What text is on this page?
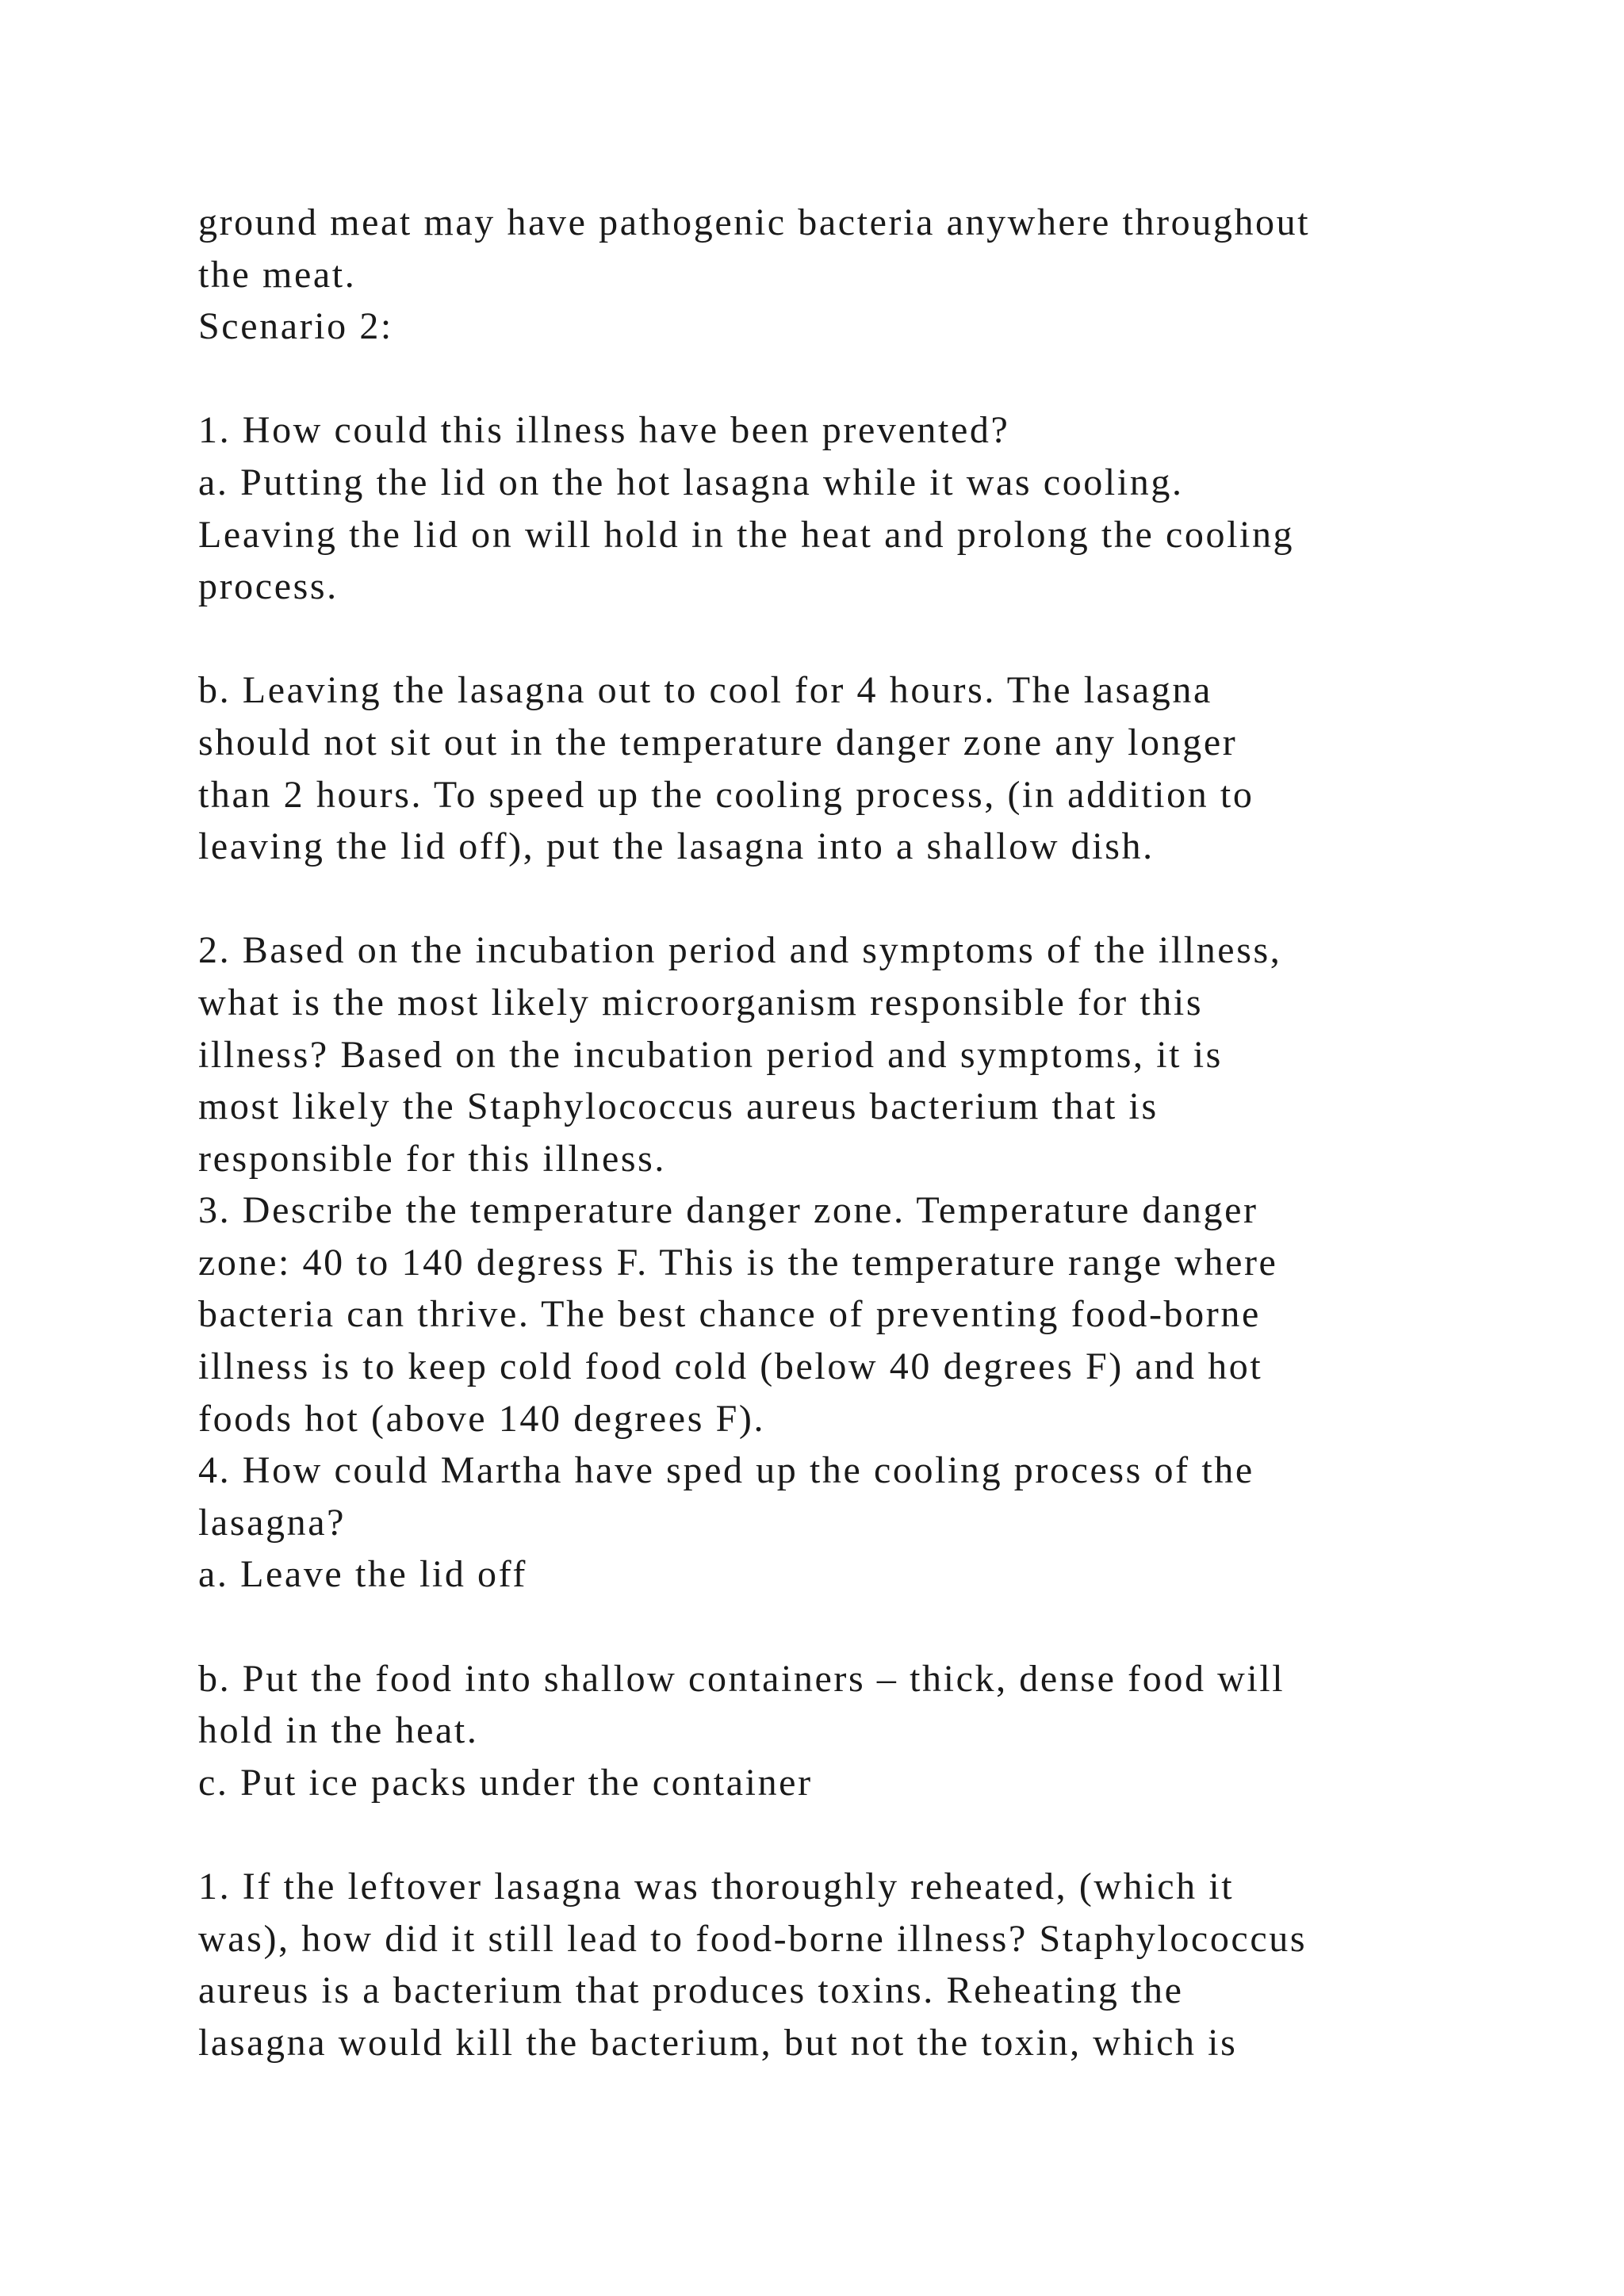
ground meat may have pathogenic bacteria anywhere throughout
the meat.
Scenario 2:
1. How could this illness have been prevented?
a. Putting the lid on the hot lasagna while it was cooling.
Leaving the lid on will hold in the heat and prolong the cooling
process.
b. Leaving the lasagna out to cool for 4 hours. The lasagna
should not sit out in the temperature danger zone any longer
than 2 hours. To speed up the cooling process, (in addition to
leaving the lid off), put the lasagna into a shallow dish.
2. Based on the incubation period and symptoms of the illness,
what is the most likely microorganism responsible for this
illness? Based on the incubation period and symptoms, it is
most likely the Staphylococcus aureus bacterium that is
responsible for this illness.
3. Describe the temperature danger zone. Temperature danger
zone: 40 to 140 degress F. This is the temperature range where
bacteria can thrive. The best chance of preventing food-borne
illness is to keep cold food cold (below 40 degrees F) and hot
foods hot (above 140 degrees F).
4. How could Martha have sped up the cooling process of the
lasagna?
a. Leave the lid off
b. Put the food into shallow containers – thick, dense food will
hold in the heat.
c. Put ice packs under the container
1. If the leftover lasagna was thoroughly reheated, (which it
was), how did it still lead to food-borne illness? Staphylococcus
aureus is a bacterium that produces toxins. Reheating the
lasagna would kill the bacterium, but not the toxin, which is
